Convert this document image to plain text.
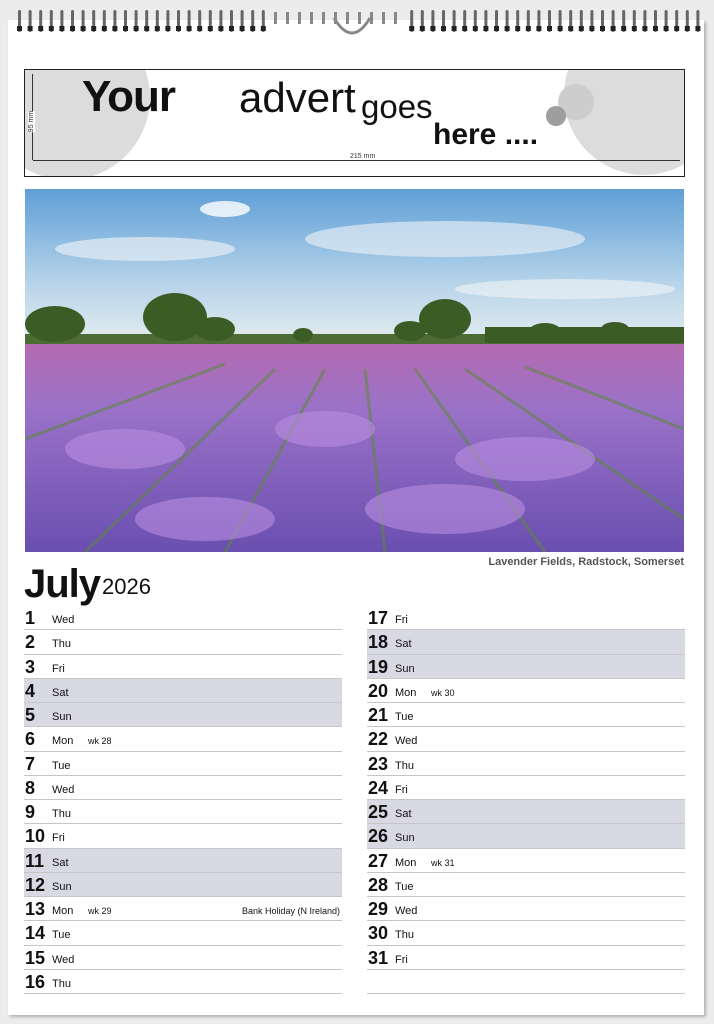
Your advert goes
here ....
215 mm
95 mm
Lavender Fields, Radstock, Somerset
July 2026
1 Wed
2 Thu
3 Fri
4 Sat
5 Sun
6 Mon wk 28
7 Tue
8 Wed
9 Thu
10 Fri
11 Sat
12 Sun
13 Mon wk 29	Bank Holiday (N Ireland)
14 Tue
15 Wed
16 Thu
17 Fri
18 Sat
19 Sun
20 Mon wk 30
21 Tue
22 Wed
23 Thu
24 Fri
25 Sat
26 Sun
27 Mon wk 31
28 Tue
29 Wed
30 Thu
31 Fri
